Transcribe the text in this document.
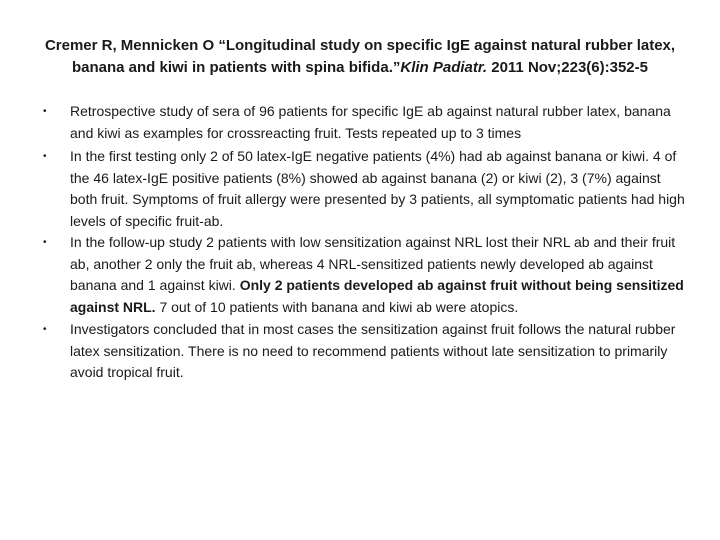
Cremer R, Mennicken O “Longitudinal study on specific IgE against natural rubber latex, banana and kiwi in patients with spina bifida.”Klin Padiatr. 2011 Nov;223(6):352-5
• Retrospective study of sera of 96 patients for specific IgE ab against natural rubber latex, banana and kiwi as examples for crossreacting fruit. Tests repeated up to 3 times
• In the first testing only 2 of 50 latex-IgE negative patients (4%) had ab against banana or kiwi. 4 of the 46 latex-IgE positive patients (8%) showed ab against banana (2) or kiwi (2), 3 (7%) against both fruit. Symptoms of fruit allergy were presented by 3 patients, all symptomatic patients had high levels of specific fruit-ab.
• In the follow-up study 2 patients with low sensitization against NRL lost their NRL ab and their fruit ab, another 2 only the fruit ab, whereas 4 NRL-sensitized patients newly developed ab against banana and 1 against kiwi. Only 2 patients developed ab against fruit without being sensitized against NRL. 7 out of 10 patients with banana and kiwi ab were atopics.
• Investigators concluded that in most cases the sensitization against fruit follows the natural rubber latex sensitization. There is no need to recommend patients without late sensitization to primarily avoid tropical fruit.
